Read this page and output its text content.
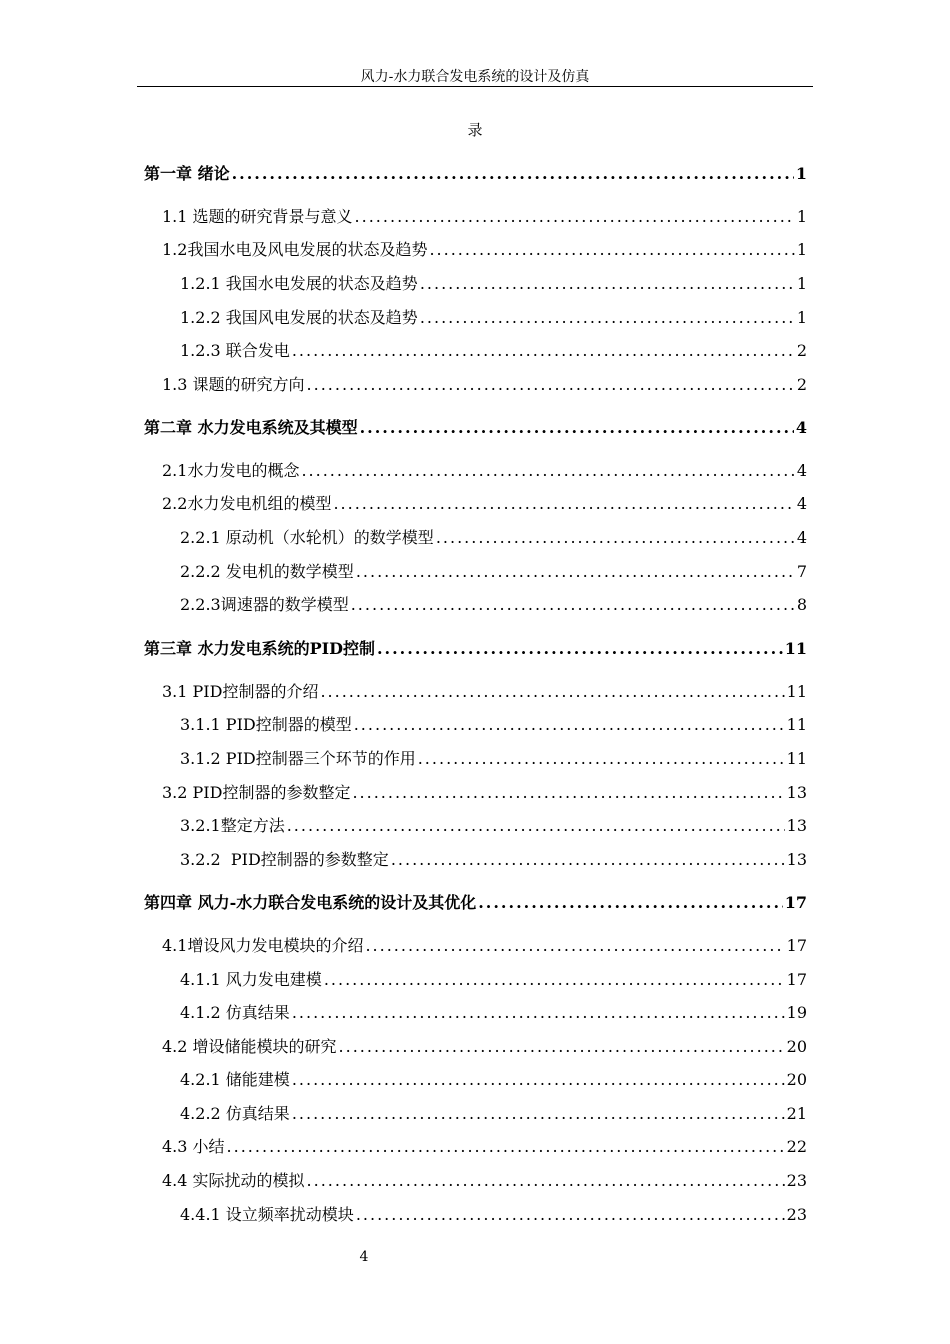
风力-水力联合发电系统的设计及仿真
录
第一章 绪论 .....	1
1.1 选题的研究背景与意义 .....	1
1.2我国水电及风电发展的状态及趋势 .....	1
1.2.1 我国水电发展的状态及趋势 .....	1
1.2.2 我国风电发展的状态及趋势 .....	1
1.2.3 联合发电 .....	2
1.3 课题的研究方向 .....	2
第二章 水力发电系统及其模型 .....	4
2.1水力发电的概念 .....	4
2.2水力发电机组的模型 .....	4
2.2.1 原动机（水轮机）的数学模型 .....	4
2.2.2 发电机的数学模型 .....	7
2.2.3调速器的数学模型 .....	8
第三章 水力发电系统的PID控制 .....	11
3.1 PID控制器的介绍 .....	11
3.1.1 PID控制器的模型 .....	11
3.1.2 PID控制器三个环节的作用 .....	11
3.2 PID控制器的参数整定 .....	13
3.2.1整定方法 .....	13
3.2.2  PID控制器的参数整定 .....	13
第四章 风力-水力联合发电系统的设计及其优化 .....	17
4.1增设风力发电模块的介绍 .....	17
4.1.1 风力发电建模 .....	17
4.1.2 仿真结果 .....	19
4.2 增设储能模块的研究 .....	20
4.2.1 储能建模 .....	20
4.2.2 仿真结果 .....	21
4.3 小结 .....	22
4.4 实际扰动的模拟 .....	23
4.4.1 设立频率扰动模块 .....	23
4
